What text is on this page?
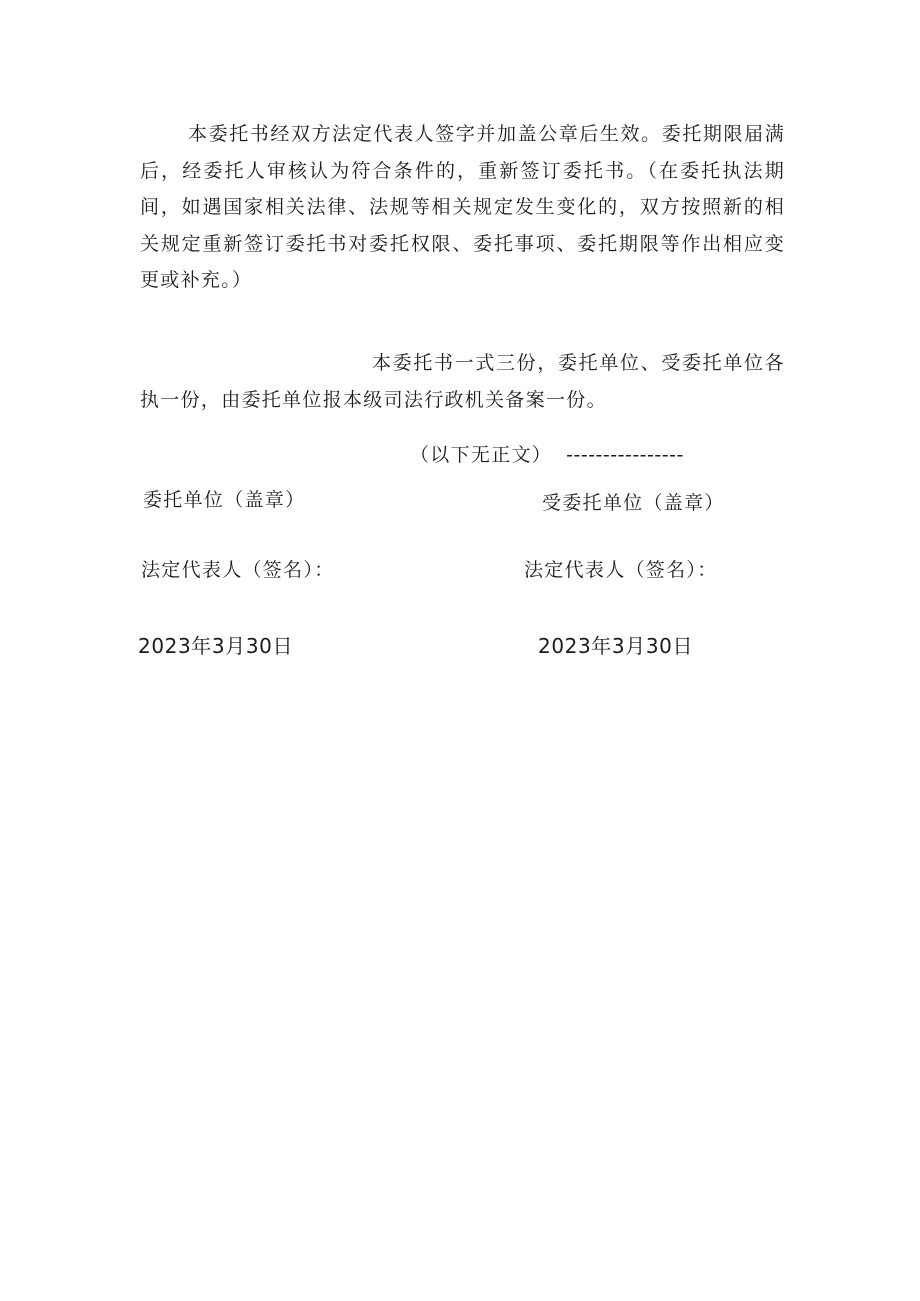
本委托书经双方法定代表人签字并加盖公章后生效。委托期限届满后，经委托人审核认为符合条件的，重新签订委托书。（在委托执法期间，如遇国家相关法律、法规等相关规定发生变化的，双方按照新的相关规定重新签订委托书对委托权限、委托事项、委托期限等作出相应变更或补充。）

本委托书一式三份，委托单位、受委托单位各执一份，由委托单位报本级司法行政机关备案一份。

（以下无正文） ----------------

委托单位（盖章）	受委托单位（盖章）

法定代表人（签名）：	法定代表人（签名）：

2023年3月30日	2023年3月30日
